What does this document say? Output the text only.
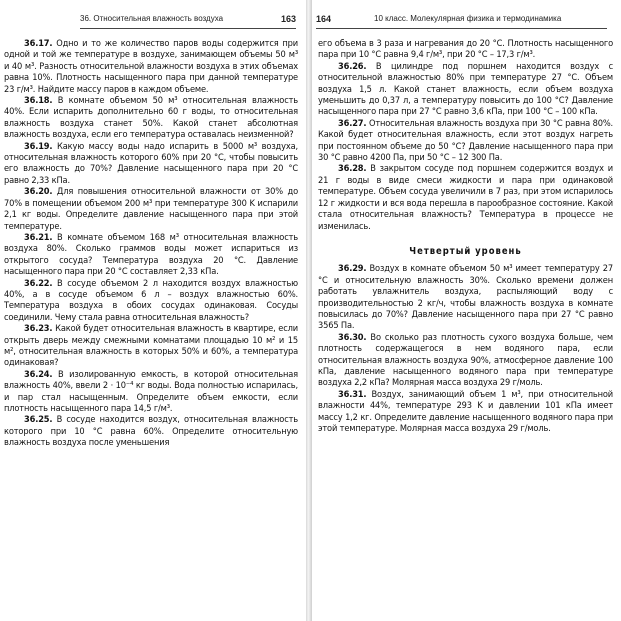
36. Относительная влажность воздуха	163

36.17. Одно и то же количество паров воды содержится при одной и той же температуре в воздухе, занимающем объемы 50 м³ и 40 м³. Разность относительной влажности воздуха в этих объемах равна 10%. Плотность насыщенного пара при данной температуре 23 г/м³. Найдите массу паров в каждом объеме.

36.18. В комнате объемом 50 м³ относительная влажность 40%. Если испарить дополнительно 60 г воды, то относительная влажность воздуха станет 50%. Какой станет абсолютная влажность воздуха, если его температура оставалась неизменной?

36.19. Какую массу воды надо испарить в 5000 м³ воздуха, относительная влажность которого 60% при 20 °С, чтобы повысить его влажность до 70%? Давление насыщенного пара при 20 °С равно 2,33 кПа.

36.20. Для повышения относительной влажности от 30% до 70% в помещении объемом 200 м³ при температуре 300 K испарили 2,1 кг воды. Определите давление насыщенного пара при этой температуре.

36.21. В комнате объемом 168 м³ относительная влажность воздуха 80%. Сколько граммов воды может испариться из открытого сосуда? Температура воздуха 20 °С. Давление насыщенного пара при 20 °С составляет 2,33 кПа.

36.22. В сосуде объемом 2 л находится воздух влажностью 40%, а в сосуде объемом 6 л – воздух влажностью 60%. Температура воздуха в обоих сосудах одинаковая. Сосуды соединили. Чему стала равна относительная влажность?

36.23. Какой будет относительная влажность в квартире, если открыть дверь между смежными комнатами площадью 10 м² и 15 м², относительная влажность в которых 50% и 60%, а температура одинаковая?

36.24. В изолированную емкость, в которой относительная влажность 40%, ввели 2 · 10⁻⁴ кг воды. Вода полностью испарилась, и пар стал насыщенным. Определите объем емкости, если плотность насыщенного пара 14,5 г/м³.

36.25. В сосуде находится воздух, относительная влажность которого при 10 °С равна 60%. Определите относительную влажность воздуха после уменьшения

164	10 класс. Молекулярная физика и термодинамика

его объема в 3 раза и нагревания до 20 °С. Плотность насыщенного пара при 10 °С равна 9,4 г/м³, при 20 °С – 17,3 г/м³.

36.26. В цилиндре под поршнем находится воздух с относительной влажностью 80% при температуре 27 °С. Объем воздуха 1,5 л. Какой станет влажность, если объем воздуха уменьшить до 0,37 л, а температуру повысить до 100 °С? Давление насыщенного пара при 27 °С равно 3,6 кПа, при 100 °С – 100 кПа.

36.27. Относительная влажность воздуха при 30 °С равна 80%. Какой будет относительная влажность, если этот воздух нагреть при постоянном объеме до 50 °С? Давление насыщенного пара при 30 °С равно 4200 Па, при 50 °С – 12 300 Па.

36.28. В закрытом сосуде под поршнем содержится воздух и 21 г воды в виде смеси жидкости и пара при одинаковой температуре. Объем сосуда увеличили в 7 раз, при этом испарилось 12 г жидкости и вся вода перешла в парообразное состояние. Какой стала относительная влажность? Температура в процессе не изменилась.

Четвертый уровень

36.29. Воздух в комнате объемом 50 м³ имеет температуру 27 °С и относительную влажность 30%. Сколько времени должен работать увлажнитель воздуха, распыляющий воду с производительностью 2 кг/ч, чтобы влажность воздуха в комнате повысилась до 70%? Давление насыщенного пара при 27 °С равно 3565 Па.

36.30. Во сколько раз плотность сухого воздуха больше, чем плотность содержащегося в нем водяного пара, если относительная влажность воздуха 90%, атмосферное давление 100 кПа, давление насыщенного водяного пара при температуре воздуха 2,2 кПа? Молярная масса воздуха 29 г/моль.

36.31. Воздух, занимающий объем 1 м³, при относительной влажности 44%, температуре 293 K и давлении 101 кПа имеет массу 1,2 кг. Определите давление насыщенного водяного пара при этой температуре. Молярная масса воздуха 29 г/моль.
